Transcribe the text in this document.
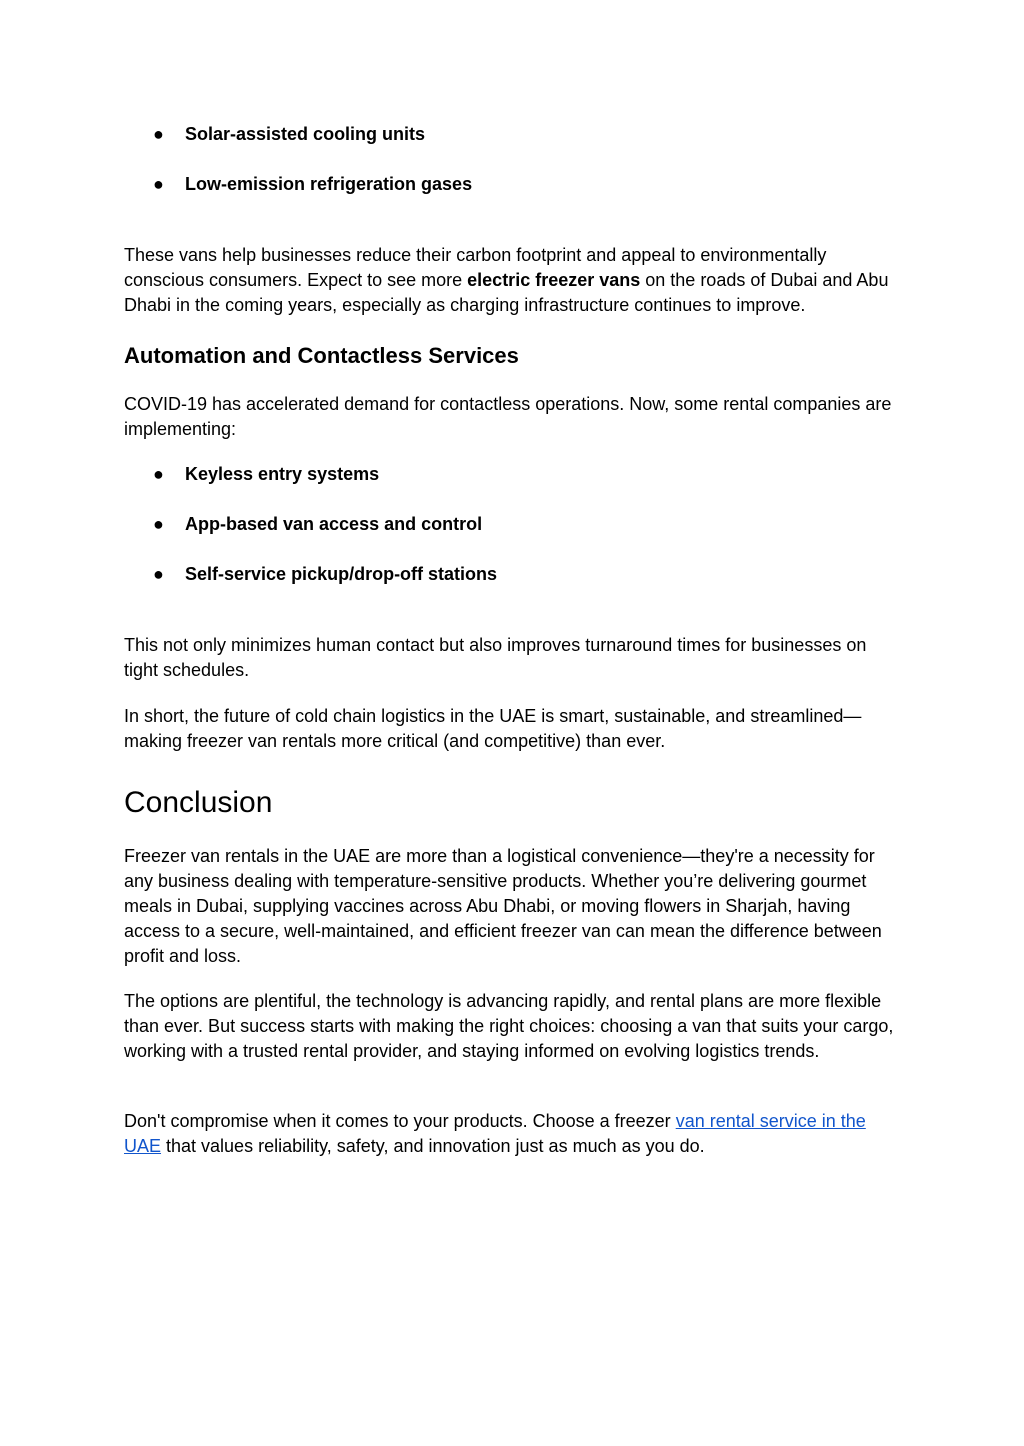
● Solar-assisted cooling units
● Low-emission refrigeration gases

These vans help businesses reduce their carbon footprint and appeal to environmentally conscious consumers. Expect to see more electric freezer vans on the roads of Dubai and Abu Dhabi in the coming years, especially as charging infrastructure continues to improve.

Automation and Contactless Services

COVID-19 has accelerated demand for contactless operations. Now, some rental companies are implementing:

● Keyless entry systems
● App-based van access and control
● Self-service pickup/drop-off stations

This not only minimizes human contact but also improves turnaround times for businesses on tight schedules.

In short, the future of cold chain logistics in the UAE is smart, sustainable, and streamlined—making freezer van rentals more critical (and competitive) than ever.

Conclusion

Freezer van rentals in the UAE are more than a logistical convenience—they're a necessity for any business dealing with temperature-sensitive products. Whether you’re delivering gourmet meals in Dubai, supplying vaccines across Abu Dhabi, or moving flowers in Sharjah, having access to a secure, well-maintained, and efficient freezer van can mean the difference between profit and loss.

The options are plentiful, the technology is advancing rapidly, and rental plans are more flexible than ever. But success starts with making the right choices: choosing a van that suits your cargo, working with a trusted rental provider, and staying informed on evolving logistics trends.

Don't compromise when it comes to your products. Choose a freezer van rental service in the UAE that values reliability, safety, and innovation just as much as you do.
